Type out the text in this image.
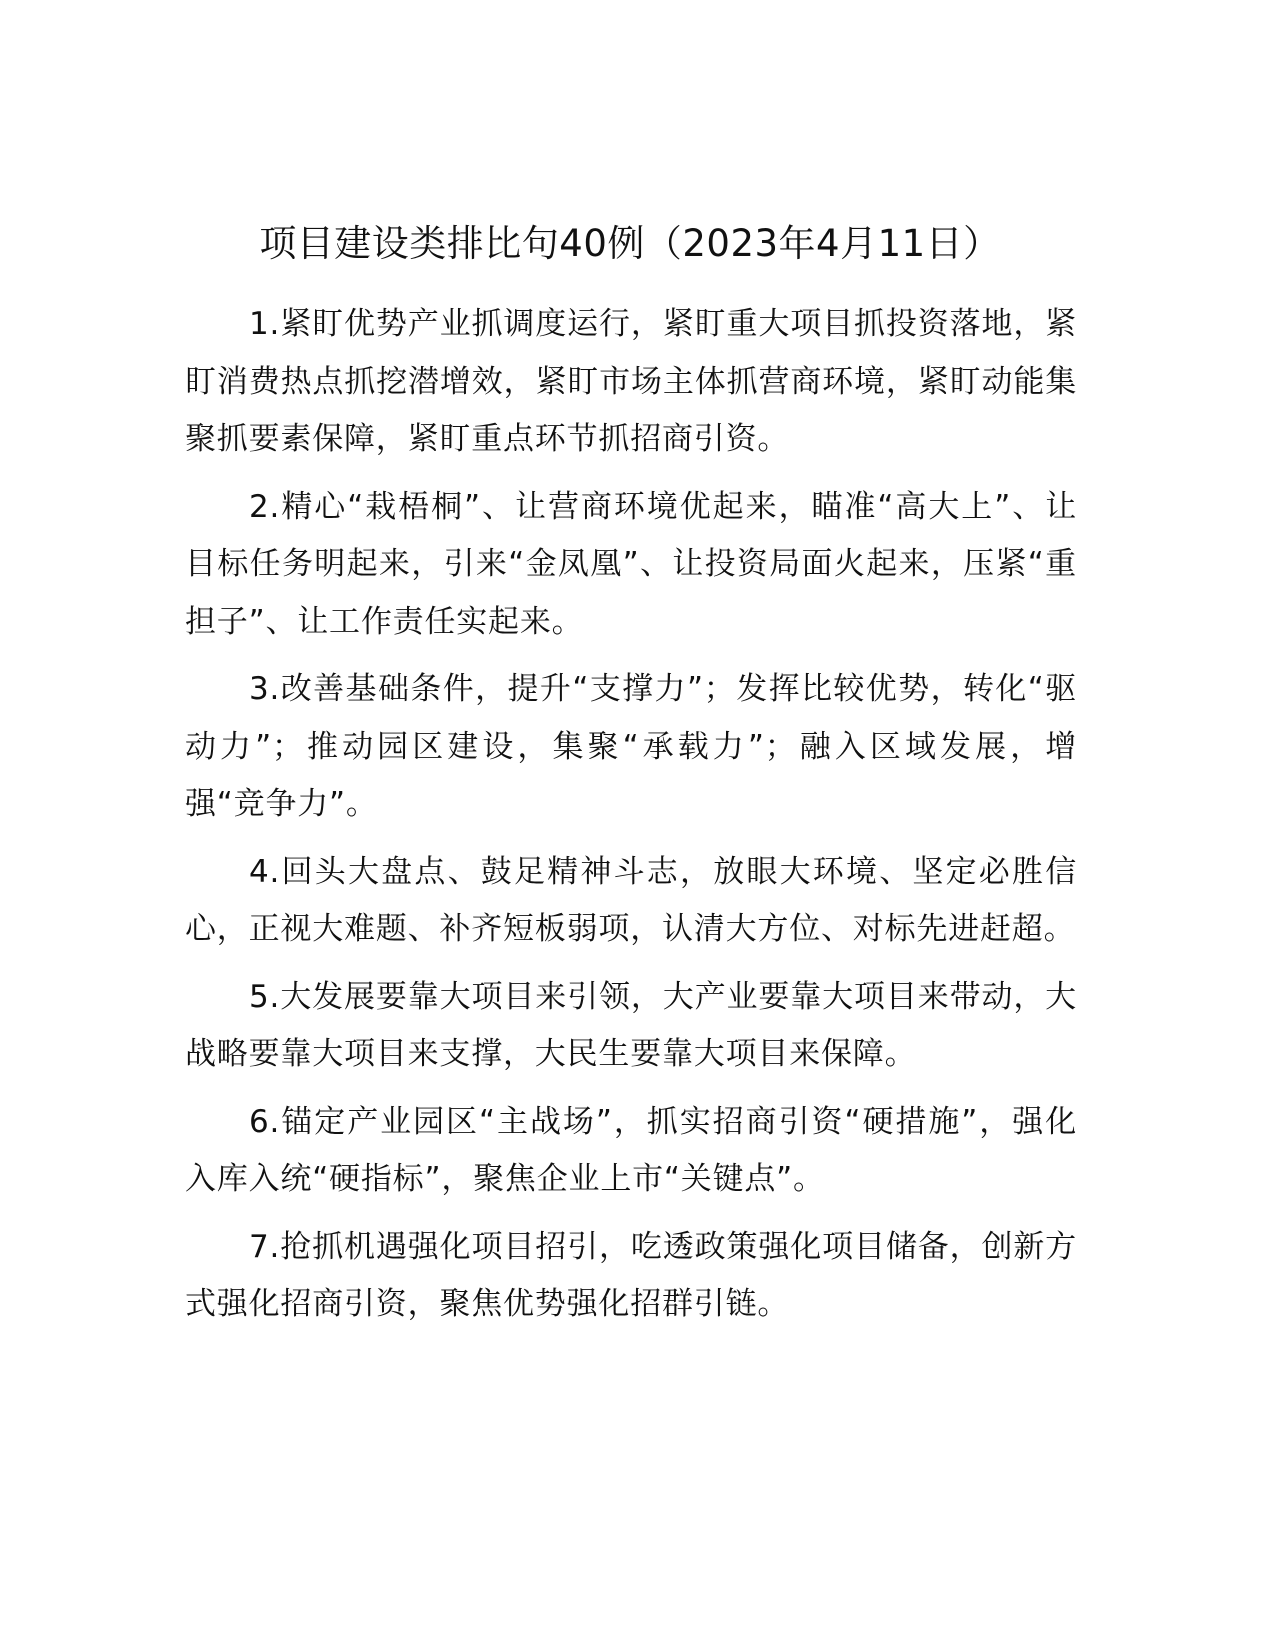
项目建设类排比句40例（2023年4月11日）

1.紧盯优势产业抓调度运行，紧盯重大项目抓投资落地，紧盯消费热点抓挖潜增效，紧盯市场主体抓营商环境，紧盯动能集聚抓要素保障，紧盯重点环节抓招商引资。

2.精心“栽梧桐”、让营商环境优起来，瞄准“高大上”、让目标任务明起来，引来“金凤凰”、让投资局面火起来，压紧“重担子”、让工作责任实起来。

3.改善基础条件，提升“支撑力”；发挥比较优势，转化“驱动力”；推动园区建设，集聚“承载力”；融入区域发展，增强“竞争力”。

4.回头大盘点、鼓足精神斗志，放眼大环境、坚定必胜信心，正视大难题、补齐短板弱项，认清大方位、对标先进赶超。

5.大发展要靠大项目来引领，大产业要靠大项目来带动，大战略要靠大项目来支撑，大民生要靠大项目来保障。

6.锚定产业园区“主战场”，抓实招商引资“硬措施”，强化入库入统“硬指标”，聚焦企业上市“关键点”。

7.抢抓机遇强化项目招引，吃透政策强化项目储备，创新方式强化招商引资，聚焦优势强化招群引链。
